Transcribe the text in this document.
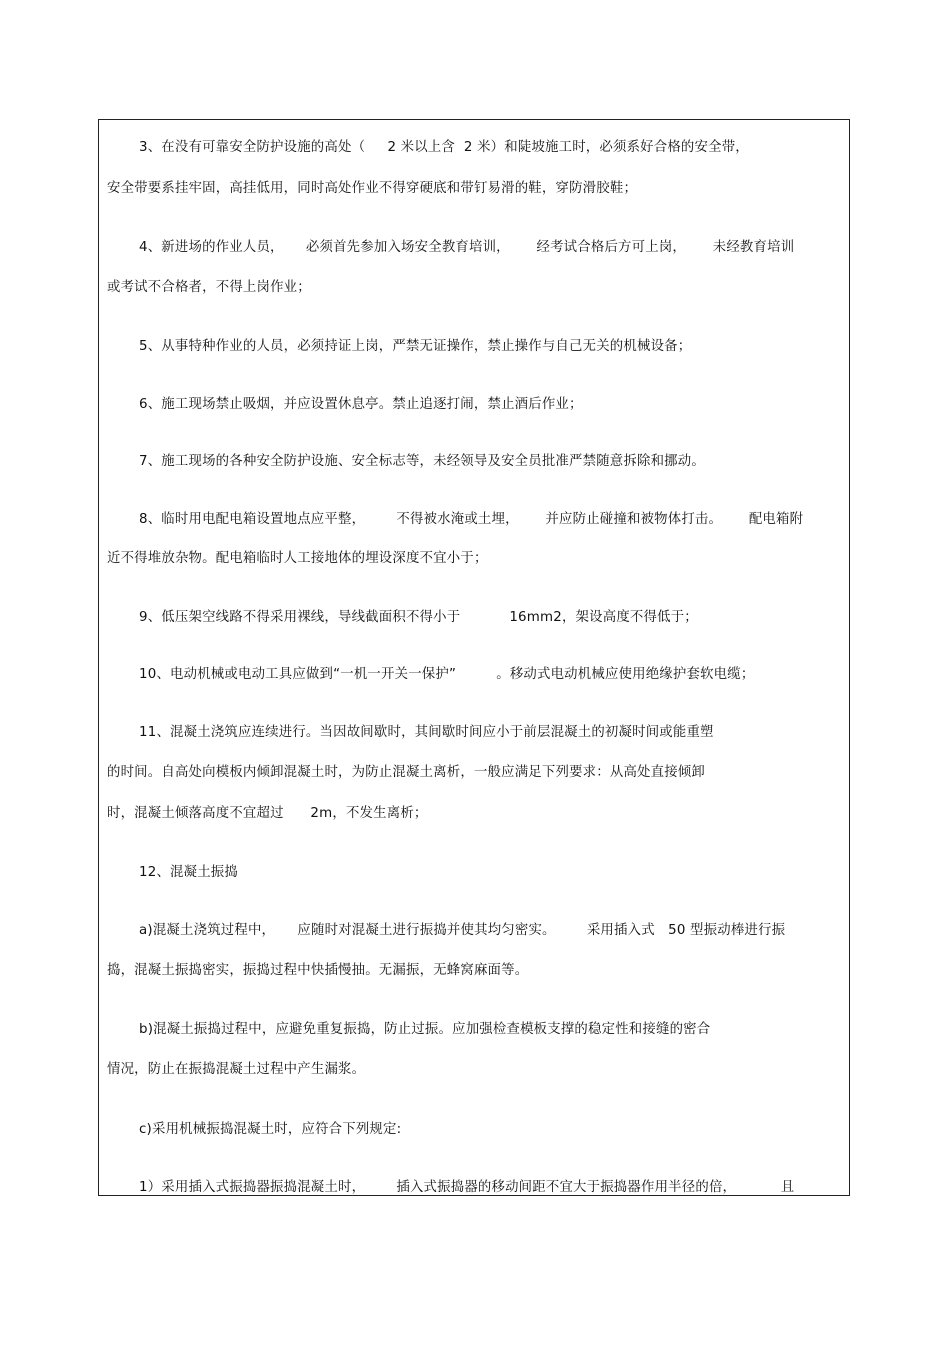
3、在没有可靠安全防护设施的高处（     2 米以上含  2 米）和陡坡施工时，必须系好合格的安全带，
安全带要系挂牢固，高挂低用，同时高处作业不得穿硬底和带钉易滑的鞋，穿防滑胶鞋；
4、新进场的作业人员，     必须首先参加入场安全教育培训，      经考试合格后方可上岗，      未经教育培训
或考试不合格者，不得上岗作业；
5、从事特种作业的人员，必须持证上岗，严禁无证操作，禁止操作与自己无关的机械设备；
6、施工现场禁止吸烟，并应设置休息亭。禁止追逐打闹，禁止酒后作业；
7、施工现场的各种安全防护设施、安全标志等，未经领导及安全员批准严禁随意拆除和挪动。
8、临时用电配电箱设置地点应平整，       不得被水淹或土埋，      并应防止碰撞和被物体打击。      配电箱附
近不得堆放杂物。配电箱临时人工接地体的埋设深度不宜小于；
9、低压架空线路不得采用裸线，导线截面积不得小于           16mm2，架设高度不得低于；
10、电动机械或电动工具应做到“一机一开关一保护”         。移动式电动机械应使用绝缘护套软电缆；
11、混凝土浇筑应连续进行。当因故间歇时，其间歇时间应小于前层混凝土的初凝时间或能重塑
的时间。自高处向模板内倾卸混凝土时，为防止混凝土离析，一般应满足下列要求：从高处直接倾卸
时，混凝土倾落高度不宜超过      2m，不发生离析；
12、混凝土振捣
a)混凝土浇筑过程中，     应随时对混凝土进行振捣并使其均匀密实。       采用插入式   50 型振动棒进行振
捣，混凝土振捣密实，振捣过程中快插慢抽。无漏振，无蜂窝麻面等。
b)混凝土振捣过程中，应避免重复振捣，防止过振。应加强检查模板支撑的稳定性和接缝的密合
情况，防止在振捣混凝土过程中产生漏浆。
c)采用机械振捣混凝土时，应符合下列规定:
1）采用插入式振捣器振捣混凝土时，       插入式振捣器的移动间距不宜大于振捣器作用半径的倍，          且
